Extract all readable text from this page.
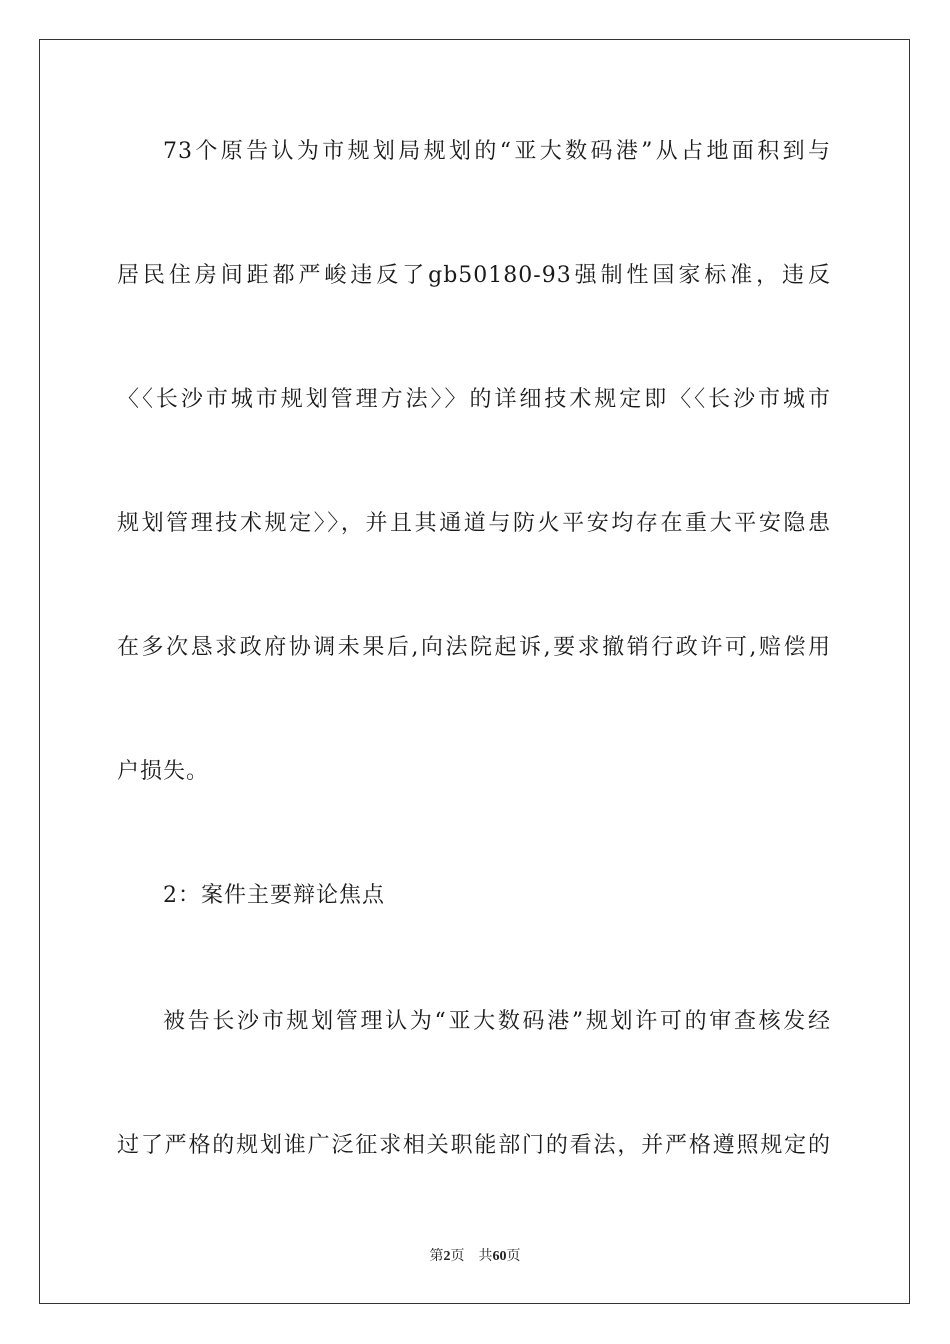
73个原告认为市规划局规划的“亚大数码港”从占地面积到与
居民住房间距都严峻违反了gb50180-93强制性国家标准，违反
〈〈长沙市城市规划管理方法〉〉的详细技术规定即〈〈长沙市城市
规划管理技术规定〉〉，并且其通道与防火平安均存在重大平安隐患
在多次恳求政府协调未果后,向法院起诉,要求撤销行政许可,赔偿用
户损失。
2：案件主要辩论焦点
被告长沙市规划管理认为“亚大数码港”规划许可的审查核发经
过了严格的规划谁广泛征求相关职能部门的看法，并严格遵照规定的
第2页 共60页
